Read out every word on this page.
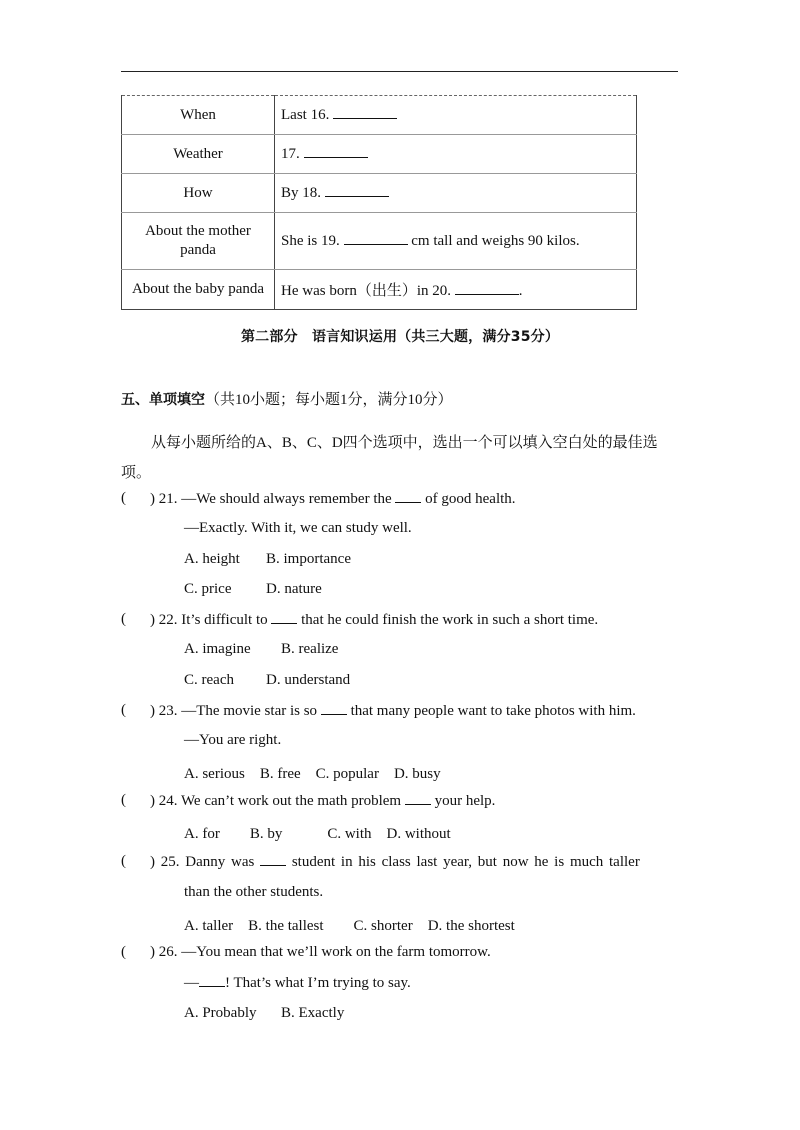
When	Last 16.
Weather	17.
How	By 18.
About the mother panda	She is 19. cm tall and weighs 90 kilos.
About the baby panda	He was born（出生）in 20. .
第二部分　语言知识运用（共三大题，满分35分）
五、单项填空（共10小题；每小题1分，满分10分）
从每小题所给的A、B、C、D四个选项中，选出一个可以填入空白处的最佳选项。
( ) 21. —We should always remember the of good health.
—Exactly. With it, we can study well.
A. height B. importance
C. price D. nature
( ) 22. It’s difficult to that he could finish the work in such a short time.
A. imagine B. realize
C. reach D. understand
( ) 23. —The movie star is so that many people want to take photos with him.
—You are right.
A. serious　B. free　C. popular　D. busy
( ) 24. We can’t work out the math problem your help.
A. for　　B. by　　　C. with　D. without
( ) 25. Danny was	student in his class last year, but now he is much taller
than the other students.
A. taller　B. the tallest　　C. shorter　D. the shortest
( ) 26. —You mean that we’ll work on the farm tomorrow.
— ! That’s what I’m trying to say.
A. Probably B. Exactly
